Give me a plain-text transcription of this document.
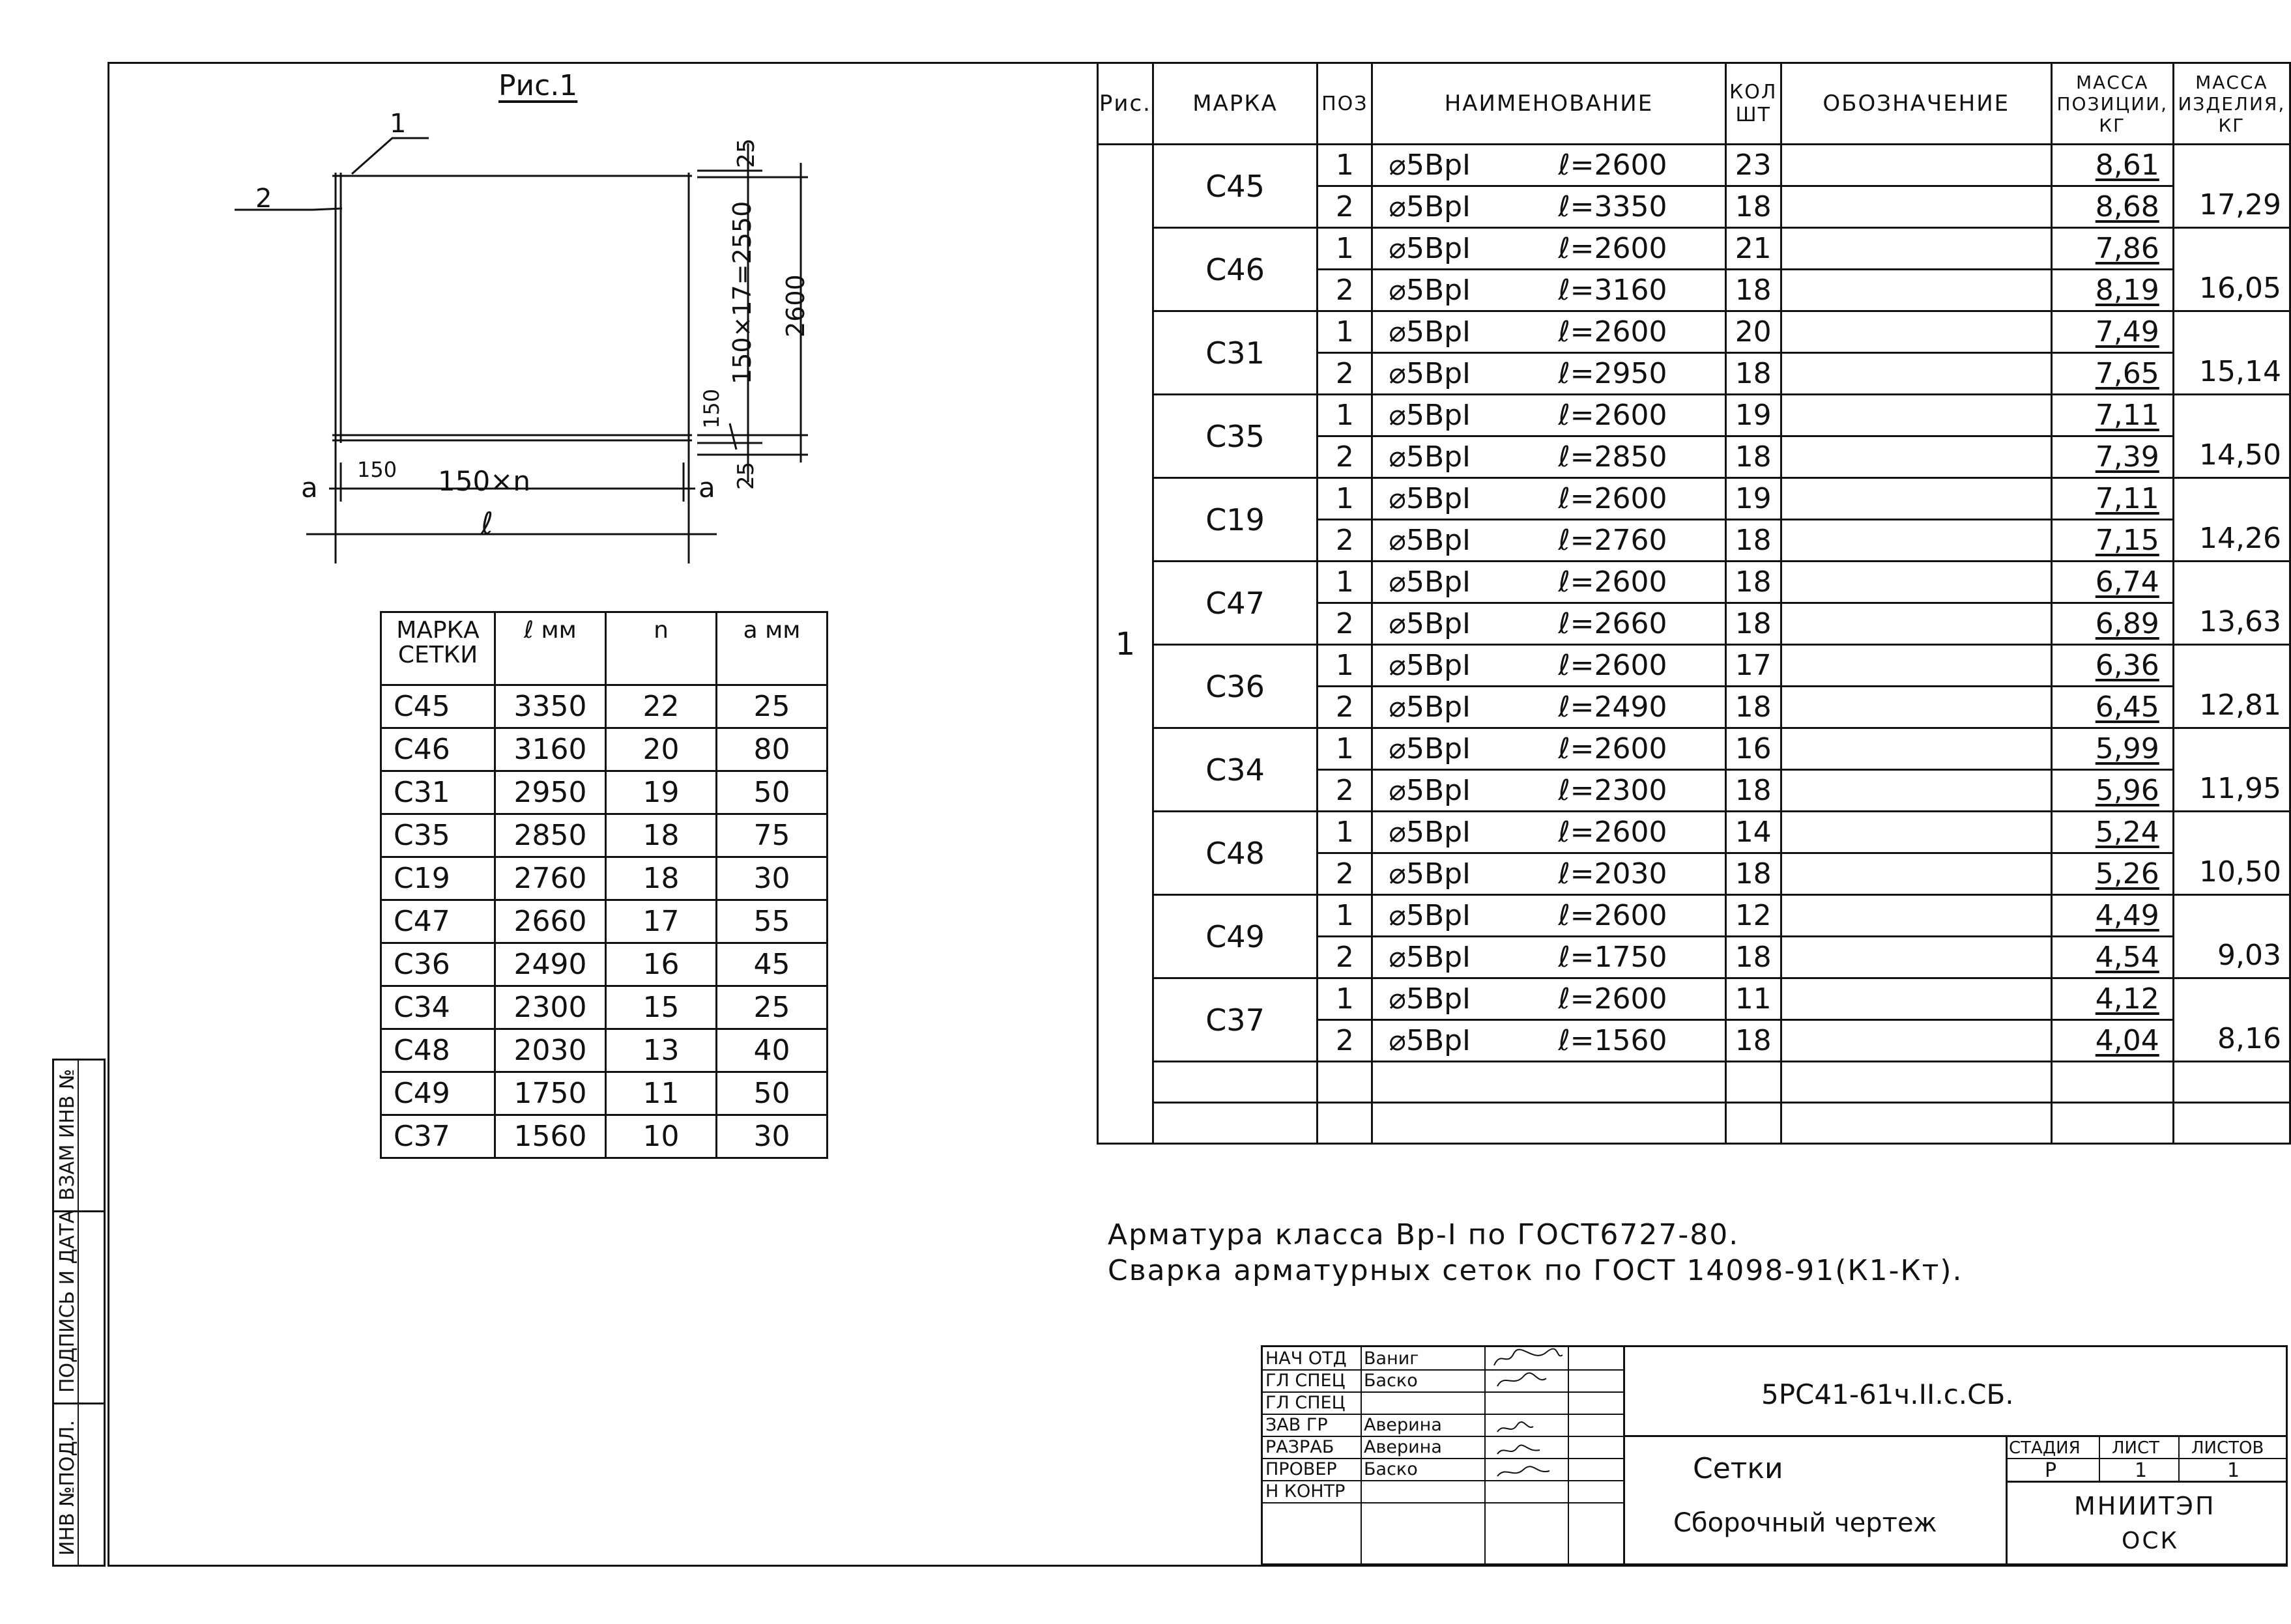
ВЗАМ ИНВ №
ПОДПИСЬ И ДАТА
ИНВ №ПОДЛ.
Рис.1
1
2
25
150×17=2550 2600
150
25
150 150×n
a	a
ℓ
МАРКА СЕТКИ	ℓ мм	n	a мм
С45	3350	22	25
С46	3160	20	80
С31	2950	19	50
С35	2850	18	75
С19	2760	18	30
С47	2660	17	55
С36	2490	16	45
С34	2300	15	25
С48	2030	13	40
С49	1750	11	50
С37	1560	10	30
Рис.	МАРКА	ПОЗ	НАИМЕНОВАНИЕ	КОЛ ШТ	ОБОЗНАЧЕНИЕ	МАССА ПОЗИЦИИ, КГ	МАССА ИЗДЕЛИЯ, КГ
1	С45	1	⌀5ВрI ℓ=2600	23		8,61	17,29
		2	⌀5ВрI ℓ=3350	18		8,68	
	С46	1	⌀5ВрI ℓ=2600	21		7,86	16,05
		2	⌀5ВрI ℓ=3160	18		8,19	
	С31	1	⌀5ВрI ℓ=2600	20		7,49	15,14
		2	⌀5ВрI ℓ=2950	18		7,65	
	С35	1	⌀5ВрI ℓ=2600	19		7,11	14,50
		2	⌀5ВрI ℓ=2850	18		7,39	
	С19	1	⌀5ВрI ℓ=2600	19		7,11	14,26
		2	⌀5ВрI ℓ=2760	18		7,15	
	С47	1	⌀5ВрI ℓ=2600	18		6,74	13,63
		2	⌀5ВрI ℓ=2660	18		6,89	
	С36	1	⌀5ВрI ℓ=2600	17		6,36	12,81
		2	⌀5ВрI ℓ=2490	18		6,45	
	С34	1	⌀5ВрI ℓ=2600	16		5,99	11,95
		2	⌀5ВрI ℓ=2300	18		5,96	
	С48	1	⌀5ВрI ℓ=2600	14		5,24	10,50
		2	⌀5ВрI ℓ=2030	18		5,26	
	С49	1	⌀5ВрI ℓ=2600	12		4,49	9,03
		2	⌀5ВрI ℓ=1750	18		4,54	
	С37	1	⌀5ВрI ℓ=2600	11		4,12	8,16
		2	⌀5ВрI ℓ=1560	18		4,04	

Арматура класса Вр-I по ГОСТ6727-80.
Сварка арматурных сеток по ГОСТ 14098-91(К1-Кт).
НАЧ ОТД Ваниг
ГЛ СПЕЦ Баско
ГЛ СПЕЦ
ЗАВ ГР Аверина
РАЗРАБ Аверина
ПРОВЕР Баско
Н КОНТР
5РС41-61ч.II.с.СБ.
Сетки
Сборочный чертеж
СТАДИЯ ЛИСТ ЛИСТОВ
Р	1	1
МНИИТЭП
ОСК
